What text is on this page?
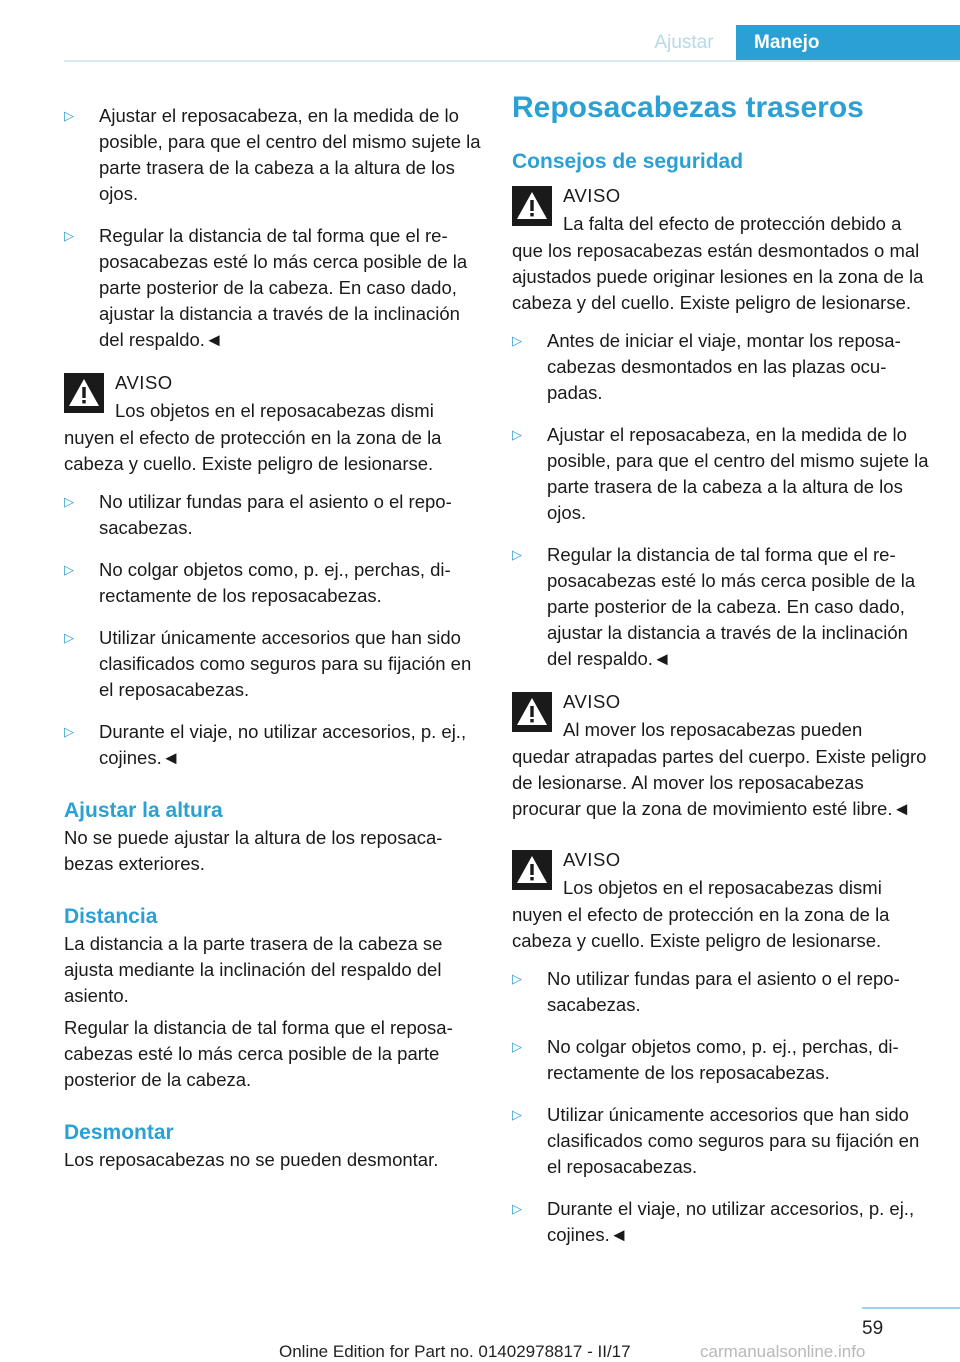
Ajustar	Manejo
▷ Ajustar el reposacabeza, en la medida de lo posible, para que el centro del mismo sujete la parte trasera de la cabeza a la altura de los ojos.
▷ Regular la distancia de tal forma que el reposacabezas esté lo más cerca posible de la parte posterior de la cabeza. En caso dado, ajustar la distancia a través de la inclinación del respaldo.◄
AVISO
Los objetos en el reposacabezas dismi
nuyen el efecto de protección en la zona de la cabeza y cuello. Existe peligro de lesionarse.
▷ No utilizar fundas para el asiento o el reposacabezas.
▷ No colgar objetos como, p. ej., perchas, directamente de los reposacabezas.
▷ Utilizar únicamente accesorios que han sido clasificados como seguros para su fijación en el reposacabezas.
▷ Durante el viaje, no utilizar accesorios, p. ej., cojines.◄
Ajustar la altura
No se puede ajustar la altura de los reposacabezas exteriores.
Distancia
La distancia a la parte trasera de la cabeza se ajusta mediante la inclinación del respaldo del asiento.
Regular la distancia de tal forma que el reposacabezas esté lo más cerca posible de la parte posterior de la cabeza.
Desmontar
Los reposacabezas no se pueden desmontar.
Reposacabezas traseros
Consejos de seguridad
AVISO
La falta del efecto de protección debido a
que los reposacabezas están desmontados o mal ajustados puede originar lesiones en la zona de la cabeza y del cuello. Existe peligro de lesionarse.
▷ Antes de iniciar el viaje, montar los reposacabezas desmontados en las plazas ocupadas.
▷ Ajustar el reposacabeza, en la medida de lo posible, para que el centro del mismo sujete la parte trasera de la cabeza a la altura de los ojos.
▷ Regular la distancia de tal forma que el reposacabezas esté lo más cerca posible de la parte posterior de la cabeza. En caso dado, ajustar la distancia a través de la inclinación del respaldo.◄
AVISO
Al mover los reposacabezas pueden
quedar atrapadas partes del cuerpo. Existe peligro de lesionarse. Al mover los reposacabezas procurar que la zona de movimiento esté libre.◄
AVISO
Los objetos en el reposacabezas dismi
nuyen el efecto de protección en la zona de la cabeza y cuello. Existe peligro de lesionarse.
▷ No utilizar fundas para el asiento o el reposacabezas.
▷ No colgar objetos como, p. ej., perchas, directamente de los reposacabezas.
▷ Utilizar únicamente accesorios que han sido clasificados como seguros para su fijación en el reposacabezas.
▷ Durante el viaje, no utilizar accesorios, p. ej., cojines.◄
59
Online Edition for Part no. 01402978817 - II/17	carmanualsonline.info
